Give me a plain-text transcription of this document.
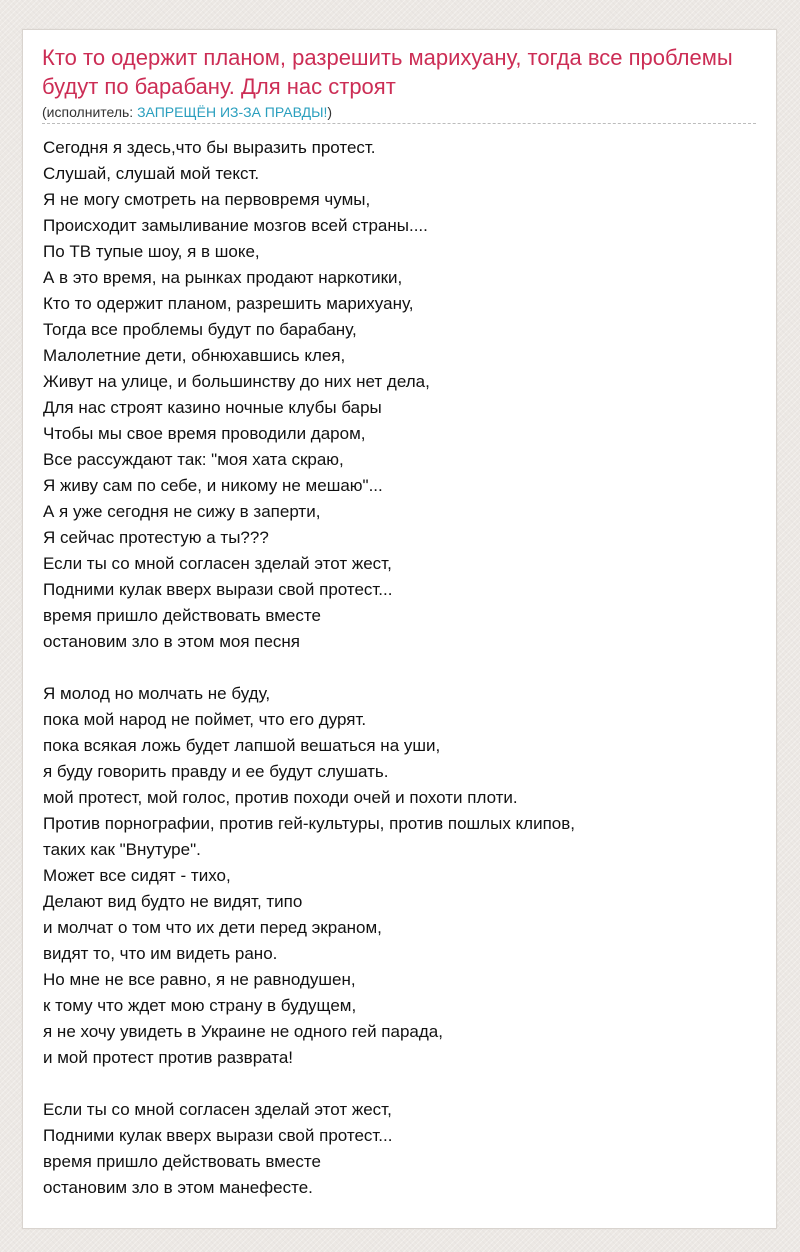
Кто то одержит планом, разрешить марихуану, тогда все проблемы будут по барабану. Для нас строят
(исполнитель: ЗАПРЕЩЁН ИЗ-ЗА ПРАВДЫ!)
Сегодня я здесь,что бы выразить протест.
Слушай, слушай мой текст.
Я не могу смотреть на первовремя чумы,
Происходит замыливание мозгов всей страны....
По ТВ тупые шоу, я в шоке,
А в это время, на рынках продают наркотики,
Кто то одержит планом, разрешить марихуану,
Тогда все проблемы будут по барабану,
Малолетние дети, обнюхавшись клея,
Живут на улице, и большинству до них нет дела,
Для нас строят казино ночные клубы бары
Чтобы мы свое время проводили даром,
Все рассуждают так: "моя хата скраю,
Я живу сам по себе, и никому не мешаю"...
А я уже сегодня не сижу в заперти,
Я сейчас протестую а ты???
Если ты со мной согласен зделай этот жест,
Подними кулак вверх вырази свой протест...
время пришло действовать вместе
остановим зло в этом моя песня
Я молод но молчать не буду,
пока мой народ не поймет, что его дурят.
пока всякая ложь будет лапшой вешаться на уши,
я буду говорить правду и ее будут слушать.
мой протест, мой голос, против походи очей и похоти плоти.
Против порнографии, против гей-культуры, против пошлых клипов,
таких как "Внутуре".
Может все сидят - тихо,
Делают вид будто не видят, типо
и молчат о том что их дети перед экраном,
видят то, что им видеть рано.
Но мне не все равно, я не равнодушен,
к тому что ждет мою страну в будущем,
я не хочу увидеть в Украине не одного гей парада,
и мой протест против разврата!
Если ты со мной согласен зделай этот жест,
Подними кулак вверх вырази свой протест...
время пришло действовать вместе
остановим зло в этом манефесте.
